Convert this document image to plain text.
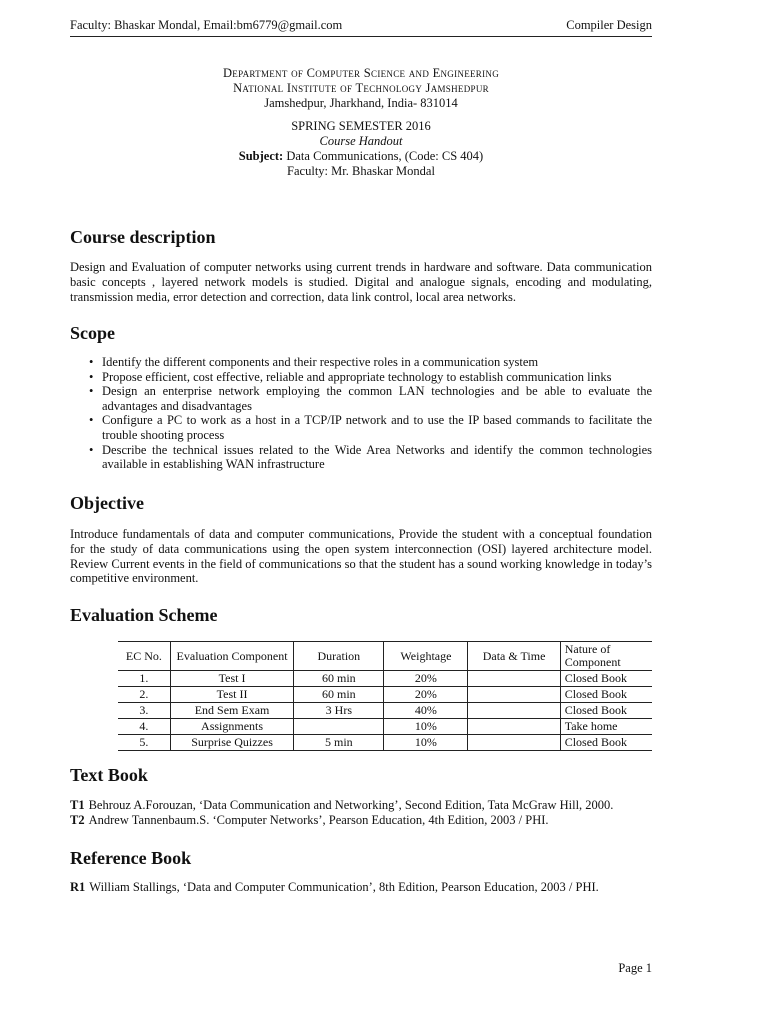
Faculty: Bhaskar Mondal, Email:bm6779@gmail.com	Compiler Design
Department of Computer Science and Engineering
National Institute of Technology Jamshedpur
Jamshedpur, Jharkhand, India- 831014
SPRING SEMESTER 2016
Course Handout
Subject: Data Communications, (Code: CS 404)
Faculty: Mr. Bhaskar Mondal
Course description
Design and Evaluation of computer networks using current trends in hardware and software. Data communication basic concepts , layered network models is studied. Digital and analogue signals, encoding and modulating, transmission media, error detection and correction, data link control, local area networks.
Scope
• Identify the different components and their respective roles in a communication system
• Propose efficient, cost effective, reliable and appropriate technology to establish communication links
• Design an enterprise network employing the common LAN technologies and be able to evaluate the advantages and disadvantages
• Configure a PC to work as a host in a TCP/IP network and to use the IP based commands to facilitate the trouble shooting process
• Describe the technical issues related to the Wide Area Networks and identify the common technologies available in establishing WAN infrastructure
Objective
Introduce fundamentals of data and computer communications, Provide the student with a conceptual foundation for the study of data communications using the open system interconnection (OSI) layered architecture model. Review Current events in the field of communications so that the student has a sound working knowledge in today’s competitive environment.
Evaluation Scheme
EC No.	Evaluation Component	Duration	Weightage	Data & Time	Nature of Component
1.	Test I	60 min	20%		Closed Book
2.	Test II	60 min	20%		Closed Book
3.	End Sem Exam	3 Hrs	40%		Closed Book
4.	Assignments		10%		Take home
5.	Surprise Quizzes	5 min	10%		Closed Book
Text Book
T1 Behrouz A.Forouzan, ‘Data Communication and Networking’, Second Edition, Tata McGraw Hill, 2000.
T2 Andrew Tannenbaum.S. ‘Computer Networks’, Pearson Education, 4th Edition, 2003 / PHI.
Reference Book
R1 William Stallings, ‘Data and Computer Communication’, 8th Edition, Pearson Education, 2003 / PHI.
Page 1
